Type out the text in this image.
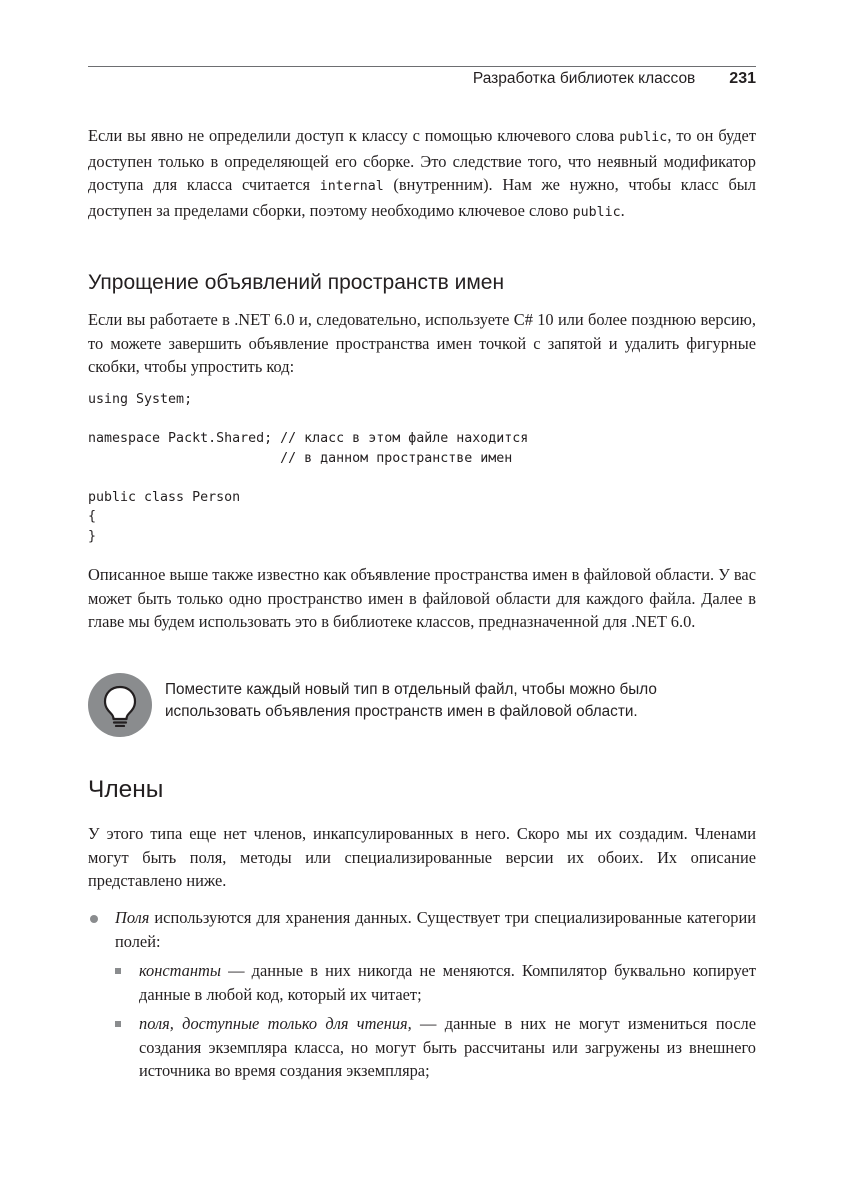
Разработка библиотек классов 231

Если вы явно не определили доступ к классу с помощью ключевого слова public, то он будет доступен только в определяющей его сборке. Это следствие того, что неявный модификатор доступа для класса считается internal (внутренним). Нам же нужно, чтобы класс был доступен за пределами сборки, поэтому необходимо ключевое слово public.

Упрощение объявлений пространств имен

Если вы работаете в .NET 6.0 и, следовательно, используете C# 10 или более позднюю версию, то можете завершить объявление пространства имен точкой с запятой и удалить фигурные скобки, чтобы упростить код:

using System;

namespace Packt.Shared; // класс в этом файле находится
// в данном пространстве имен

public class Person
{
}

Описанное выше также известно как объявление пространства имен в файловой области. У вас может быть только одно пространство имен в файловой области для каждого файла. Далее в главе мы будем использовать это в библиотеке классов, предназначенной для .NET 6.0.

Поместите каждый новый тип в отдельный файл, чтобы можно было использовать объявления пространств имен в файловой области.
Члены

У этого типа еще нет членов, инкапсулированных в него. Скоро мы их создадим. Членами могут быть поля, методы или специализированные версии их обоих. Их описание представлено ниже.

Поля используются для хранения данных. Существует три специализированные категории полей:
константы — данные в них никогда не меняются. Компилятор буквально копирует данные в любой код, который их читает;
поля, доступные только для чтения, — данные в них не могут измениться после создания экземпляра класса, но могут быть рассчитаны или загружены из внешнего источника во время создания экземпляра;
